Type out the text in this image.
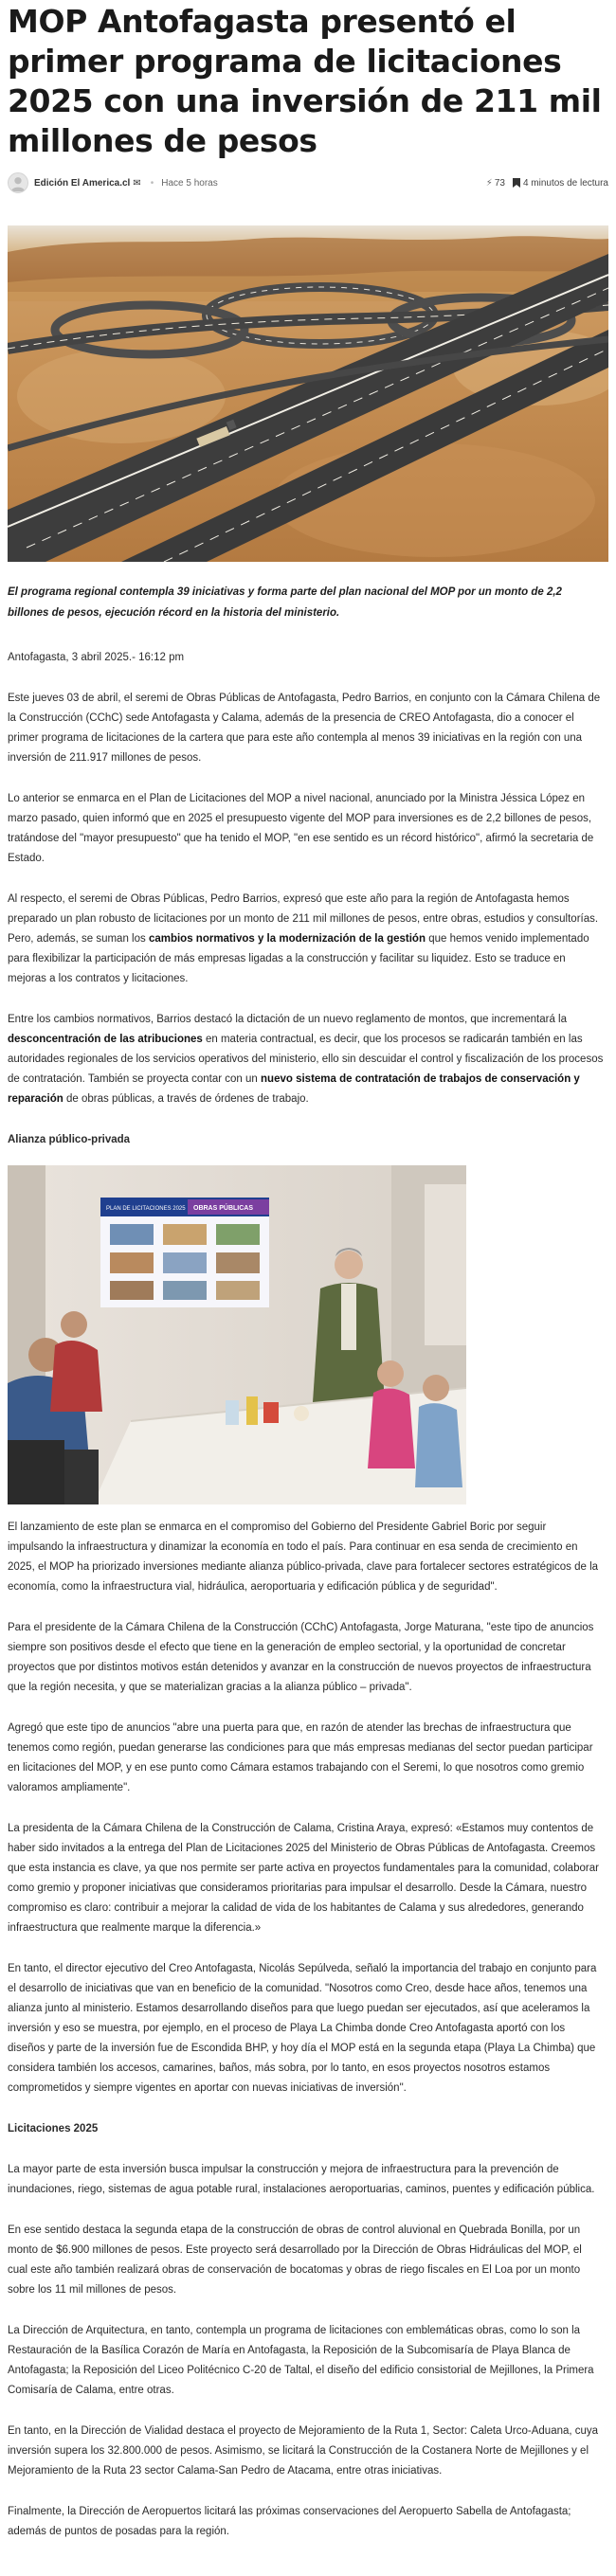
MOP Antofagasta presentó el primer programa de licitaciones 2025 con una inversión de 211 mil millones de pesos
Edición El America.cl ✉ • Hace 5 horas	⚡ 73 4 minutos de lectura

El programa regional contempla 39 iniciativas y forma parte del plan nacional del MOP por un monto de 2,2 billones de pesos, ejecución récord en la historia del ministerio.

Antofagasta, 3 abril 2025.- 16:12 pm

Este jueves 03 de abril, el seremi de Obras Públicas de Antofagasta, Pedro Barrios, en conjunto con la Cámara Chilena de la Construcción (CChC) sede Antofagasta y Calama, además de la presencia de CREO Antofagasta, dio a conocer el primer programa de licitaciones de la cartera que para este año contempla al menos 39 iniciativas en la región con una inversión de 211.917 millones de pesos.

Lo anterior se enmarca en el Plan de Licitaciones del MOP a nivel nacional, anunciado por la Ministra Jéssica López en marzo pasado, quien informó que en 2025 el presupuesto vigente del MOP para inversiones es de 2,2 billones de pesos, tratándose del "mayor presupuesto" que ha tenido el MOP, "en ese sentido es un récord histórico", afirmó la secretaria de Estado.

Al respecto, el seremi de Obras Públicas, Pedro Barrios, expresó que este año para la región de Antofagasta hemos preparado un plan robusto de licitaciones por un monto de 211 mil millones de pesos, entre obras, estudios y consultorías. Pero, además, se suman los cambios normativos y la modernización de la gestión que hemos venido implementado para flexibilizar la participación de más empresas ligadas a la construcción y facilitar su liquidez. Esto se traduce en mejoras a los contratos y licitaciones.

Entre los cambios normativos, Barrios destacó la dictación de un nuevo reglamento de montos, que incrementará la desconcentración de las atribuciones en materia contractual, es decir, que los procesos se radicarán también en las autoridades regionales de los servicios operativos del ministerio, ello sin descuidar el control y fiscalización de los procesos de contratación. También se proyecta contar con un nuevo sistema de contratación de trabajos de conservación y reparación de obras públicas, a través de órdenes de trabajo.

Alianza público-privada

PLAN DE LICITACIONES 2025 OBRAS PÚBLICAS

El lanzamiento de este plan se enmarca en el compromiso del Gobierno del Presidente Gabriel Boric por seguir impulsando la infraestructura y dinamizar la economía en todo el país. Para continuar en esa senda de crecimiento en 2025, el MOP ha priorizado inversiones mediante alianza público-privada, clave para fortalecer sectores estratégicos de la economía, como la infraestructura vial, hidráulica, aeroportuaria y edificación pública y de seguridad".

Para el presidente de la Cámara Chilena de la Construcción (CChC) Antofagasta, Jorge Maturana, "este tipo de anuncios siempre son positivos desde el efecto que tiene en la generación de empleo sectorial, y la oportunidad de concretar proyectos que por distintos motivos están detenidos y avanzar en la construcción de nuevos proyectos de infraestructura que la región necesita, y que se materializan gracias a la alianza público – privada".

Agregó que este tipo de anuncios "abre una puerta para que, en razón de atender las brechas de infraestructura que tenemos como región, puedan generarse las condiciones para que más empresas medianas del sector puedan participar en licitaciones del MOP, y en ese punto como Cámara estamos trabajando con el Seremi, lo que nosotros como gremio valoramos ampliamente".

La presidenta de la Cámara Chilena de la Construcción de Calama, Cristina Araya, expresó: «Estamos muy contentos de haber sido invitados a la entrega del Plan de Licitaciones 2025 del Ministerio de Obras Públicas de Antofagasta. Creemos que esta instancia es clave, ya que nos permite ser parte activa en proyectos fundamentales para la comunidad, colaborar como gremio y proponer iniciativas que consideramos prioritarias para impulsar el desarrollo. Desde la Cámara, nuestro compromiso es claro: contribuir a mejorar la calidad de vida de los habitantes de Calama y sus alrededores, generando infraestructura que realmente marque la diferencia.»

En tanto, el director ejecutivo del Creo Antofagasta, Nicolás Sepúlveda, señaló la importancia del trabajo en conjunto para el desarrollo de iniciativas que van en beneficio de la comunidad. "Nosotros como Creo, desde hace años, tenemos una alianza junto al ministerio. Estamos desarrollando diseños para que luego puedan ser ejecutados, así que aceleramos la inversión y eso se muestra, por ejemplo, en el proceso de Playa La Chimba donde Creo Antofagasta aportó con los diseños y parte de la inversión fue de Escondida BHP, y hoy día el MOP está en la segunda etapa (Playa La Chimba) que considera también los accesos, camarines, baños, más sobra, por lo tanto, en esos proyectos nosotros estamos comprometidos y siempre vigentes en aportar con nuevas iniciativas de inversión".

Licitaciones 2025

La mayor parte de esta inversión busca impulsar la construcción y mejora de infraestructura para la prevención de inundaciones, riego, sistemas de agua potable rural, instalaciones aeroportuarias, caminos, puentes y edificación pública.

En ese sentido destaca la segunda etapa de la construcción de obras de control aluvional en Quebrada Bonilla, por un monto de $6.900 millones de pesos. Este proyecto será desarrollado por la Dirección de Obras Hidráulicas del MOP, el cual este año también realizará obras de conservación de bocatomas y obras de riego fiscales en El Loa por un monto sobre los 11 mil millones de pesos.

La Dirección de Arquitectura, en tanto, contempla un programa de licitaciones con emblemáticas obras, como lo son la Restauración de la Basílica Corazón de María en Antofagasta, la Reposición de la Subcomisaría de Playa Blanca de Antofagasta; la Reposición del Liceo Politécnico C-20 de Taltal, el diseño del edificio consistorial de Mejillones, la Primera Comisaría de Calama, entre otras.

En tanto, en la Dirección de Vialidad destaca el proyecto de Mejoramiento de la Ruta 1, Sector: Caleta Urco-Aduana, cuya inversión supera los 32.800.000 de pesos. Asimismo, se licitará la Construcción de la Costanera Norte de Mejillones y el Mejoramiento de la Ruta 23 sector Calama-San Pedro de Atacama, entre otras iniciativas.

Finalmente, la Dirección de Aeropuertos licitará las próximas conservaciones del Aeropuerto Sabella de Antofagasta; además de puntos de posadas para la región.
